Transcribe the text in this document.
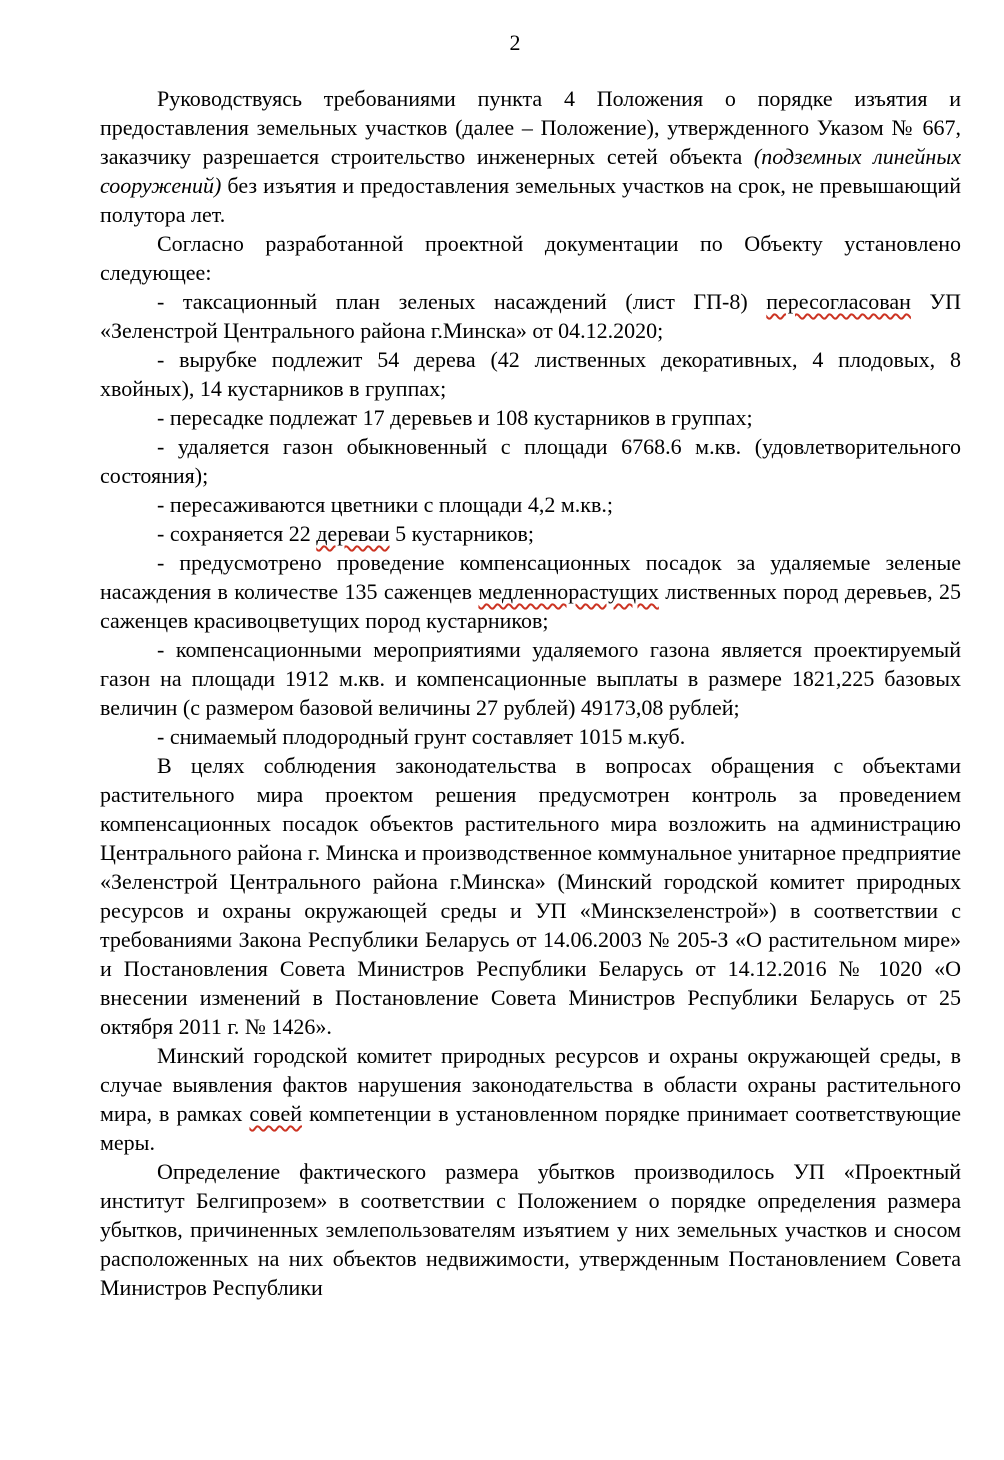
2

Руководствуясь требованиями пункта 4 Положения о порядке изъятия и предоставления земельных участков (далее – Положение), утвержденного Указом № 667, заказчику разрешается строительство инженерных сетей объекта (подземных линейных сооружений) без изъятия и предоставления земельных участков на срок, не превышающий полутора лет.

Согласно разработанной проектной документации по Объекту установлено следующее:

- таксационный план зеленых насаждений (лист ГП-8) пересогласован УП «Зеленстрой Центрального района г.Минска» от 04.12.2020;

- вырубке подлежит 54 дерева (42 лиственных декоративных, 4 плодовых, 8 хвойных), 14 кустарников в группах;

- пересадке подлежат 17 деревьев и 108 кустарников в группах;

- удаляется газон обыкновенный с площади 6768.6 м.кв. (удовлетворительного состояния);

- пересаживаются цветники с площади 4,2 м.кв.;

- сохраняется 22 дереваи 5 кустарников;

- предусмотрено проведение компенсационных посадок за удаляемые зеленые насаждения в количестве 135 саженцев медленнорастущих лиственных пород деревьев, 25 саженцев красивоцветущих пород кустарников;

- компенсационными мероприятиями удаляемого газона является проектируемый газон на площади 1912 м.кв. и компенсационные выплаты в размере 1821,225 базовых величин (с размером базовой величины 27 рублей) 49173,08 рублей;

- снимаемый плодородный грунт составляет 1015 м.куб.

В целях соблюдения законодательства в вопросах обращения с объектами растительного мира проектом решения предусмотрен контроль за проведением компенсационных посадок объектов растительного мира возложить на администрацию Центрального района г. Минска и производственное коммунальное унитарное предприятие «Зеленстрой Центрального района г.Минска» (Минский городской комитет природных ресурсов и охраны окружающей среды и УП «Минскзеленстрой») в соответствии с требованиями Закона Республики Беларусь от 14.06.2003 № 205-З «О растительном мире» и Постановления Совета Министров Республики Беларусь от 14.12.2016 № 1020 «О внесении изменений в Постановление Совета Министров Республики Беларусь от 25 октября 2011 г. № 1426».

Минский городской комитет природных ресурсов и охраны окружающей среды, в случае выявления фактов нарушения законодательства в области охраны растительного мира, в рамках совей компетенции в установленном порядке принимает соответствующие меры.

Определение фактического размера убытков производилось УП «Проектный институт Белгипрозем» в соответствии с Положением о порядке определения размера убытков, причиненных землепользователям изъятием у них земельных участков и сносом расположенных на них объектов недвижимости, утвержденным Постановлением Совета Министров Республики
